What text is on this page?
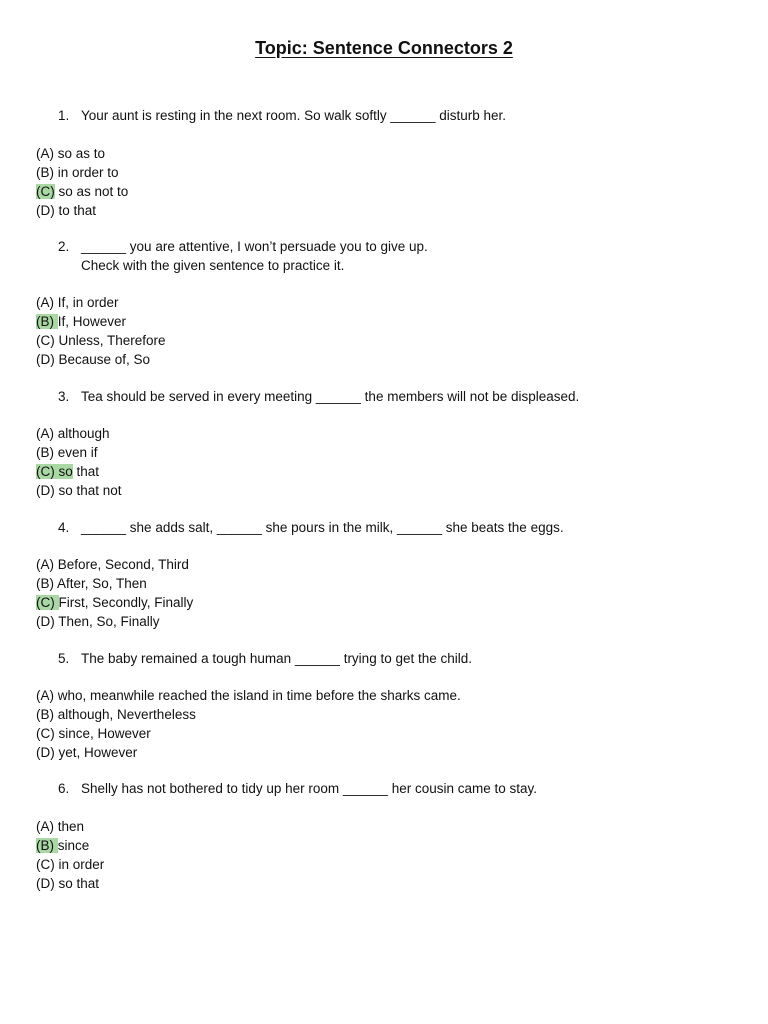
Topic: Sentence Connectors 2
1. Your aunt is resting in the next room. So walk softly ______ disturb her.
(A) so as to
(B) in order to
(C) so as not to
(D) to that
2. ______ you are attentive, I won’t persuade you to give up.
Check with the given sentence to practice it.
(A) If, in order
(B) If, However
(C) Unless, Therefore
(D) Because of, So
3. Tea should be served in every meeting ______ the members will not be displeased.
(A) although
(B) even if
(C) so that
(D) so that not
4. ______ she adds salt, ______ she pours in the milk, ______ she beats the eggs.
(A) Before, Second, Third
(B) After, So, Then
(C) First, Secondly, Finally
(D) Then, So, Finally
5. The baby remained a tough human ______ trying to get the child.
(A) who, meanwhile reached the island in time before the sharks came.
(B) although, Nevertheless
(C) since, However
(D) yet, However
6. Shelly has not bothered to tidy up her room ______ her cousin came to stay.
(A) then
(B) since
(C) in order
(D) so that
